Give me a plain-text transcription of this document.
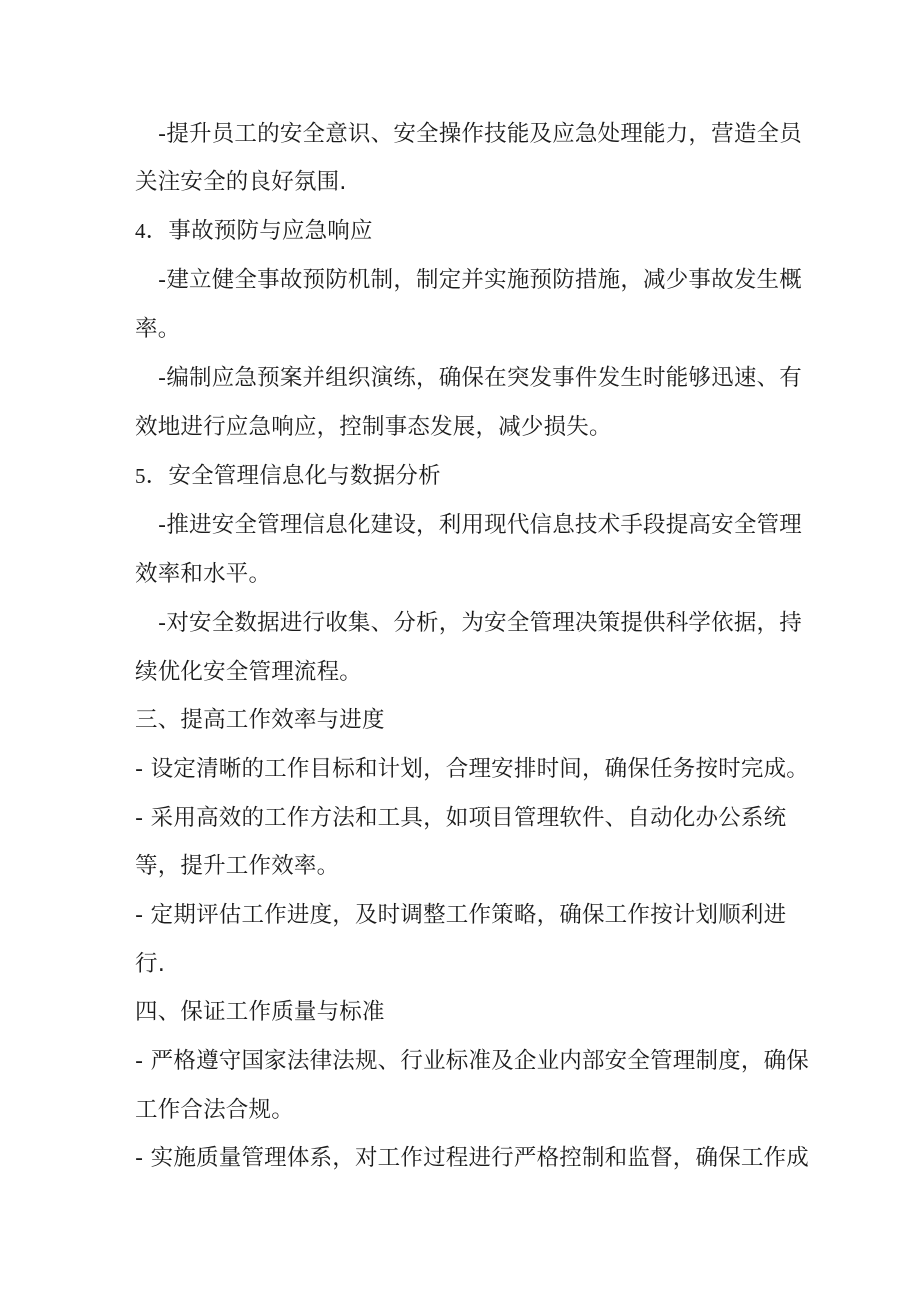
-提升员工的安全意识、安全操作技能及应急处理能力，营造全员
关注安全的良好氛围.
4．事故预防与应急响应
-建立健全事故预防机制，制定并实施预防措施，减少事故发生概
率。
-编制应急预案并组织演练，确保在突发事件发生时能够迅速、有
效地进行应急响应，控制事态发展，减少损失。
5．安全管理信息化与数据分析
-推进安全管理信息化建设，利用现代信息技术手段提高安全管理
效率和水平。
-对安全数据进行收集、分析，为安全管理决策提供科学依据，持
续优化安全管理流程。
三、提高工作效率与进度
- 设定清晰的工作目标和计划，合理安排时间，确保任务按时完成。
- 采用高效的工作方法和工具，如项目管理软件、自动化办公系统
等，提升工作效率。
- 定期评估工作进度，及时调整工作策略，确保工作按计划顺利进
行.
四、保证工作质量与标准
- 严格遵守国家法律法规、行业标准及企业内部安全管理制度，确保
工作合法合规。
- 实施质量管理体系，对工作过程进行严格控制和监督，确保工作成
